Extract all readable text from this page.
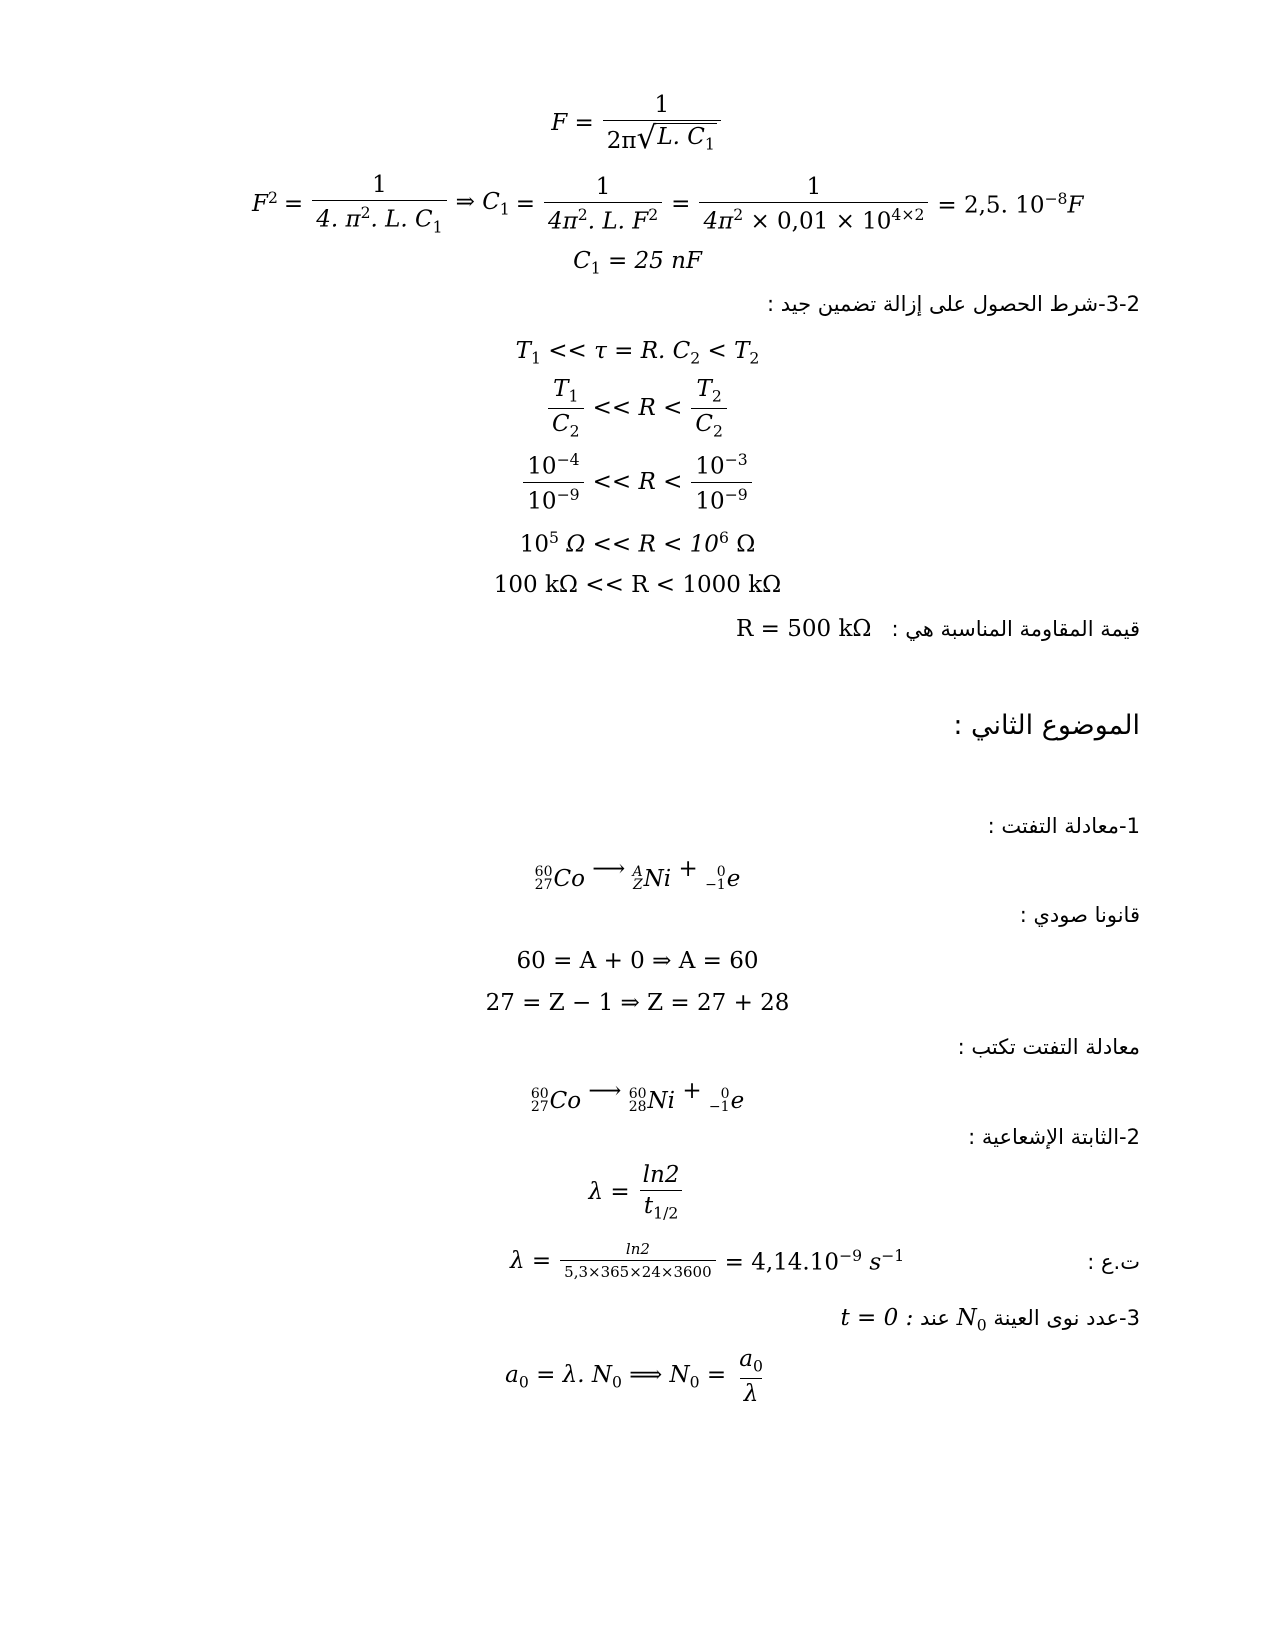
$F = \frac{1}{2\pi √ L. C_1}$
$F^2 = \frac{1}{4. \pi^2. L. C_1}$ ⇒ $C_1 = \frac{1}{4\pi^2. L. F^2} = \frac{1}{4\pi^2 \times 0,01 \times 10^{4\times 2}} = 2,5$. $10^{-8}F$
$C_1 = 25$ nF
3-2-شرط الحصول على إزالة تضمين جيد :
$T_1 << \tau = R$. $C_2 < T_2$
$\frac{T_1}{C_2} << R < \frac{T_2}{C_2}$
$\frac{10^{-4}}{10^{-9}} << R < \frac{10^{-3}}{10^{-9}}$
$10^5$ $\Omega << R < 10^6$ Ω
100 kΩ << R < 1000 kΩ
قيمة المقاومة المناسبة هي :   R = 500 kΩ
الموضوع الثاني :
1-معادلة التفتت :
60
27 Co ⟶ A
Z Ni + 0
−1 e
قانونا صودي :
60 = A + 0 ⇒ A = 60
27 = Z − 1 ⇒ Z = 27 + 28
معادلة التفتت تكتب :
60
27 Co ⟶ 60
28 Ni + 0
−1 e
2-الثابتة الإشعاعية :
$\lambda = \frac{\ln 2}{t_{1/2}}$
$\lambda = \frac{\ln 2}{5,3\times 365\times 24\times 3600} = 4,14.10^{-9}$ $s^{-1}$	ت.ع :
3-عدد نوى العينة $N_0$ عند t = 0 :
$a_0 = \lambda$. $N_0$ ⟹ $N_0 = \frac{a_0}{\lambda}$
